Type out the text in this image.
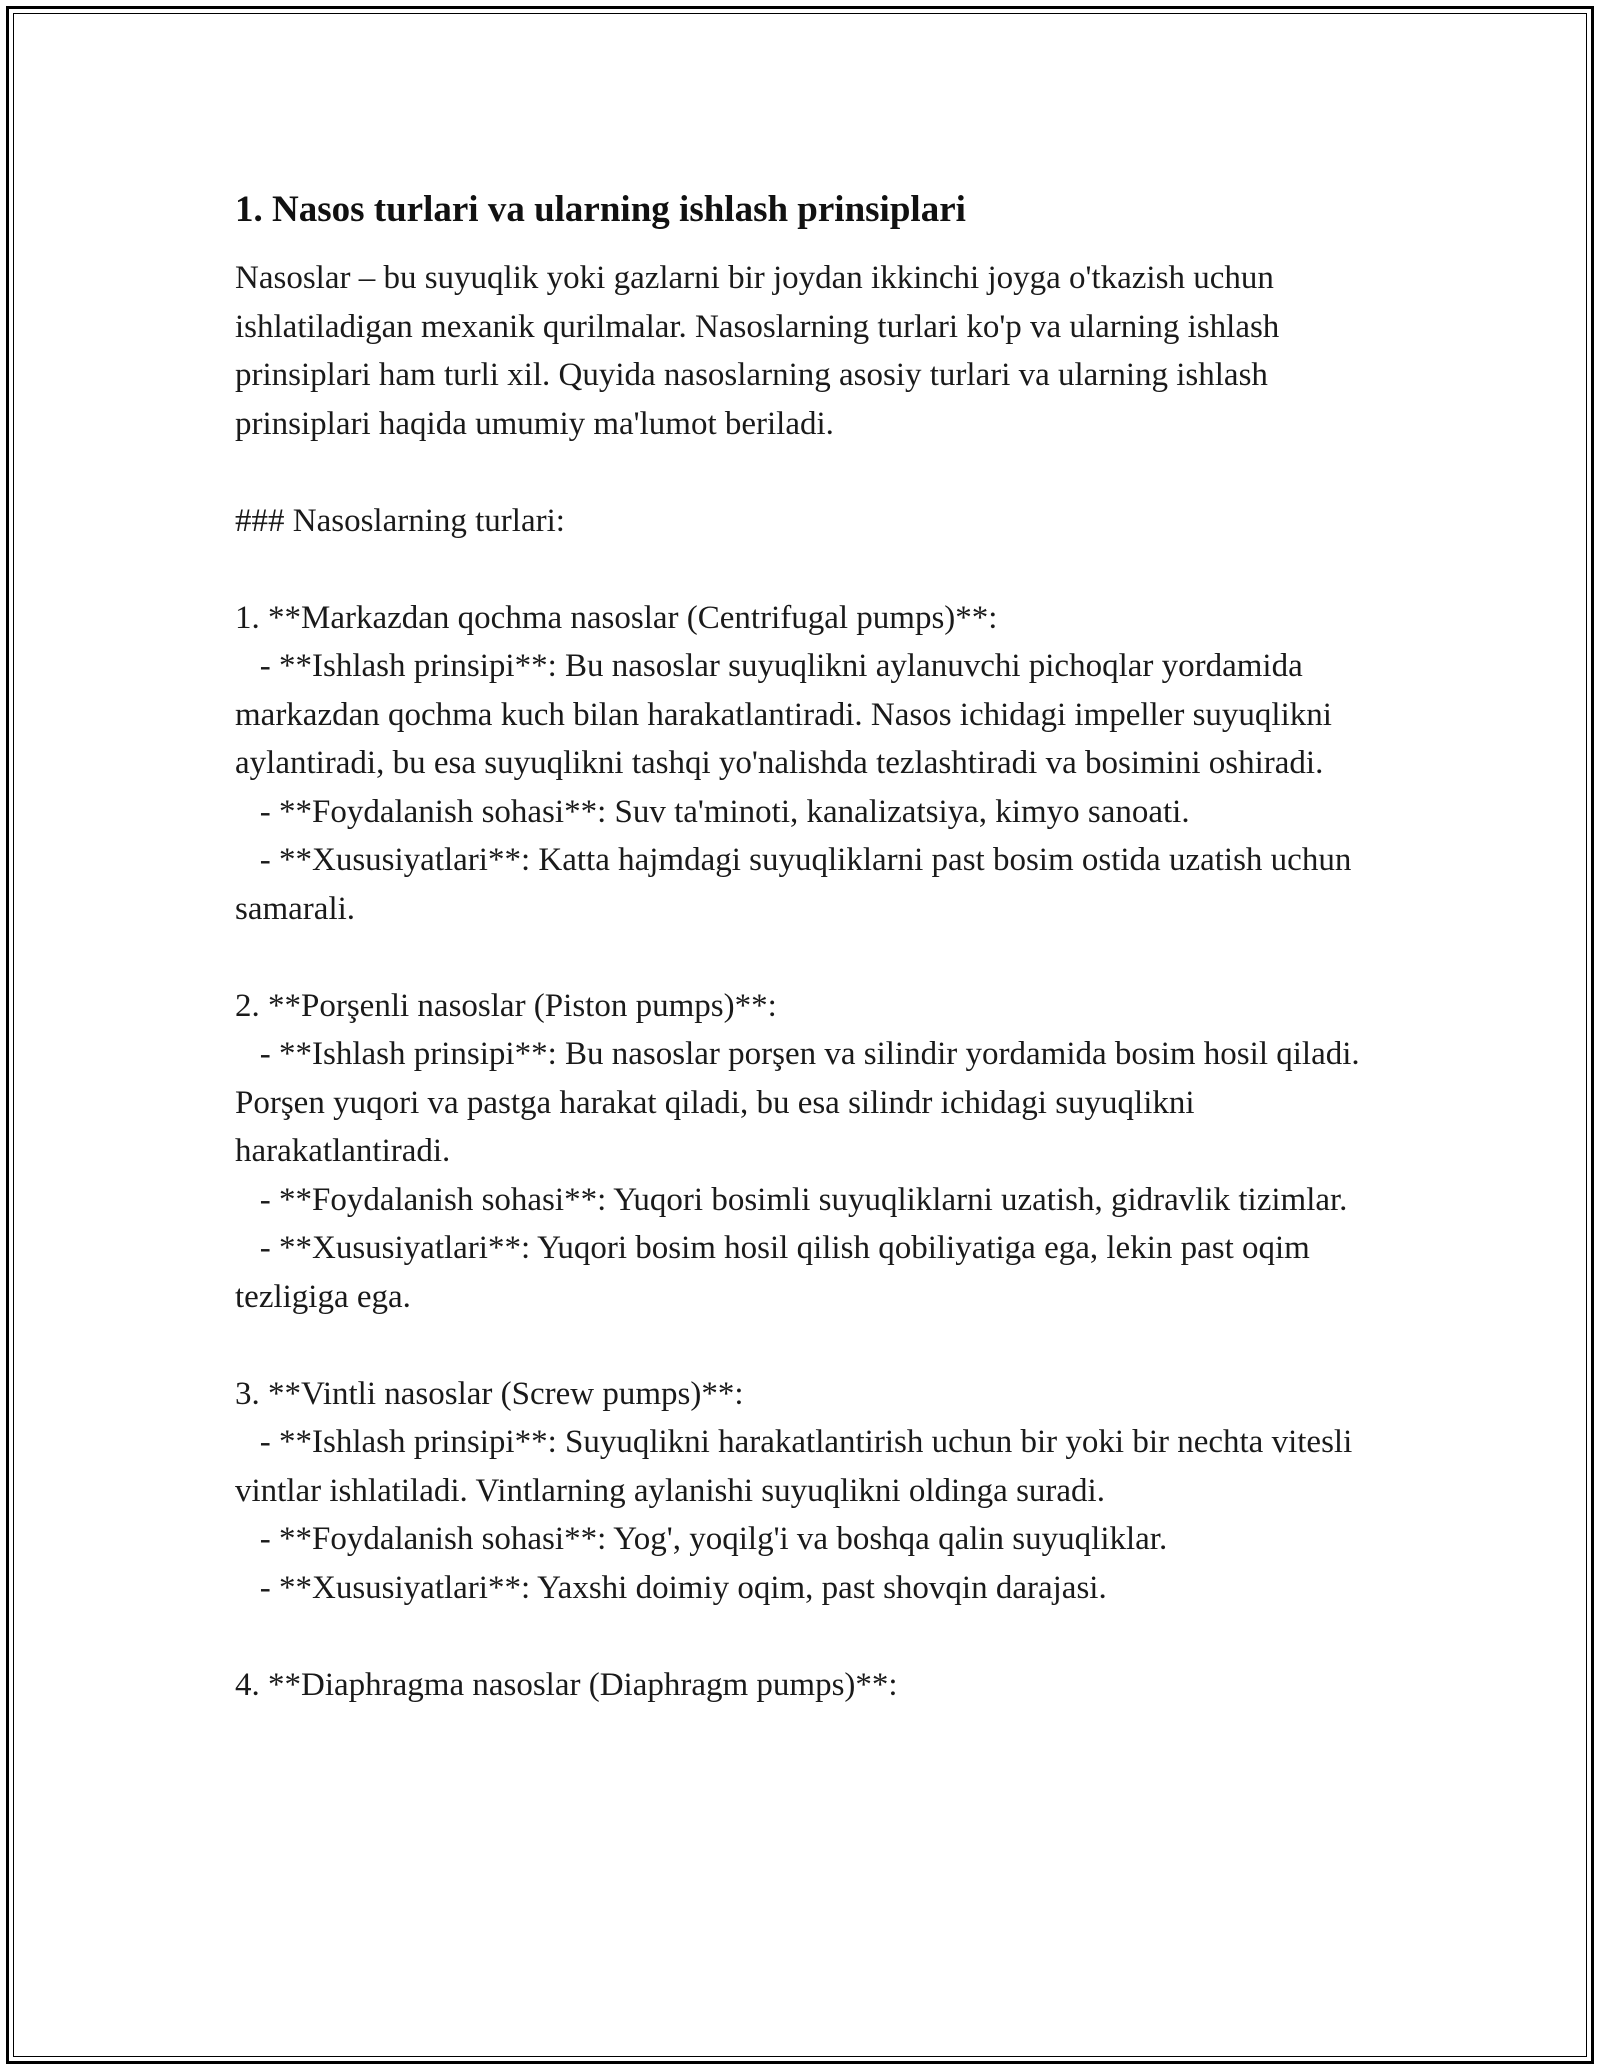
1. Nasos turlari va ularning ishlash prinsiplari

Nasoslar – bu suyuqlik yoki gazlarni bir joydan ikkinchi joyga o'tkazish uchun ishlatiladigan mexanik qurilmalar. Nasoslarning turlari ko'p va ularning ishlash prinsiplari ham turli xil. Quyida nasoslarning asosiy turlari va ularning ishlash prinsiplari haqida umumiy ma'lumot beriladi.

### Nasoslarning turlari:

1. **Markazdan qochma nasoslar (Centrifugal pumps)**:

- **Ishlash prinsipi**: Bu nasoslar suyuqlikni aylanuvchi pichoqlar yordamida markazdan qochma kuch bilan harakatlantiradi. Nasos ichidagi impeller suyuqlikni aylantiradi, bu esa suyuqlikni tashqi yo'nalishda tezlashtiradi va bosimini oshiradi.

- **Foydalanish sohasi**: Suv ta'minoti, kanalizatsiya, kimyo sanoati.

- **Xususiyatlari**: Katta hajmdagi suyuqliklarni past bosim ostida uzatish uchun samarali.

2. **Porşenli nasoslar (Piston pumps)**:

- **Ishlash prinsipi**: Bu nasoslar porşen va silindir yordamida bosim hosil qiladi. Porşen yuqori va pastga harakat qiladi, bu esa silindr ichidagi suyuqlikni harakatlantiradi.

- **Foydalanish sohasi**: Yuqori bosimli suyuqliklarni uzatish, gidravlik tizimlar.

- **Xususiyatlari**: Yuqori bosim hosil qilish qobiliyatiga ega, lekin past oqim tezligiga ega.

3. **Vintli nasoslar (Screw pumps)**:

- **Ishlash prinsipi**: Suyuqlikni harakatlantirish uchun bir yoki bir nechta vitesli vintlar ishlatiladi. Vintlarning aylanishi suyuqlikni oldinga suradi.

- **Foydalanish sohasi**: Yog', yoqilg'i va boshqa qalin suyuqliklar.

- **Xususiyatlari**: Yaxshi doimiy oqim, past shovqin darajasi.

4. **Diaphragma nasoslar (Diaphragm pumps)**:
